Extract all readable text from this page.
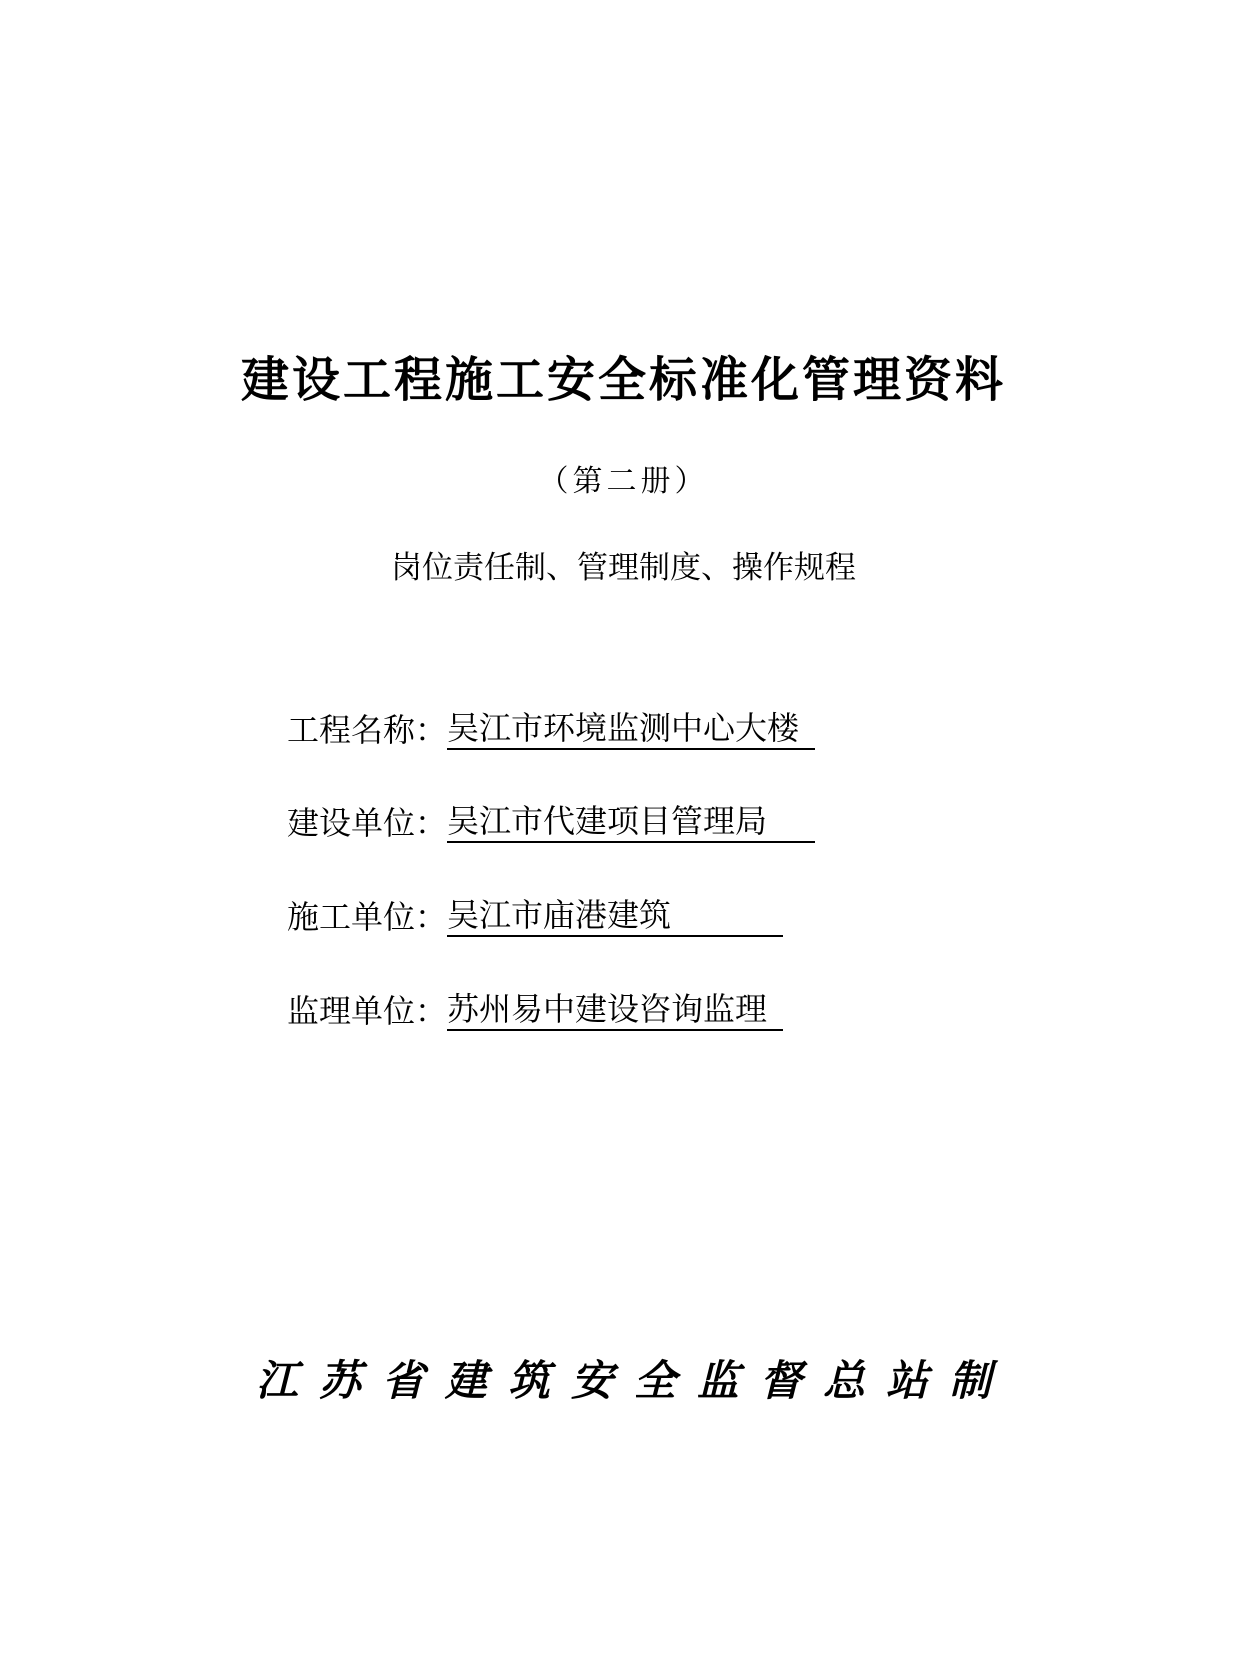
建设工程施工安全标准化管理资料
（第二册）
岗位责任制、管理制度、操作规程
工程名称：吴江市环境监测中心大楼
建设单位：吴江市代建项目管理局
施工单位：吴江市庙港建筑
监理单位：苏州易中建设咨询监理
江苏省建筑安全监督总站制
